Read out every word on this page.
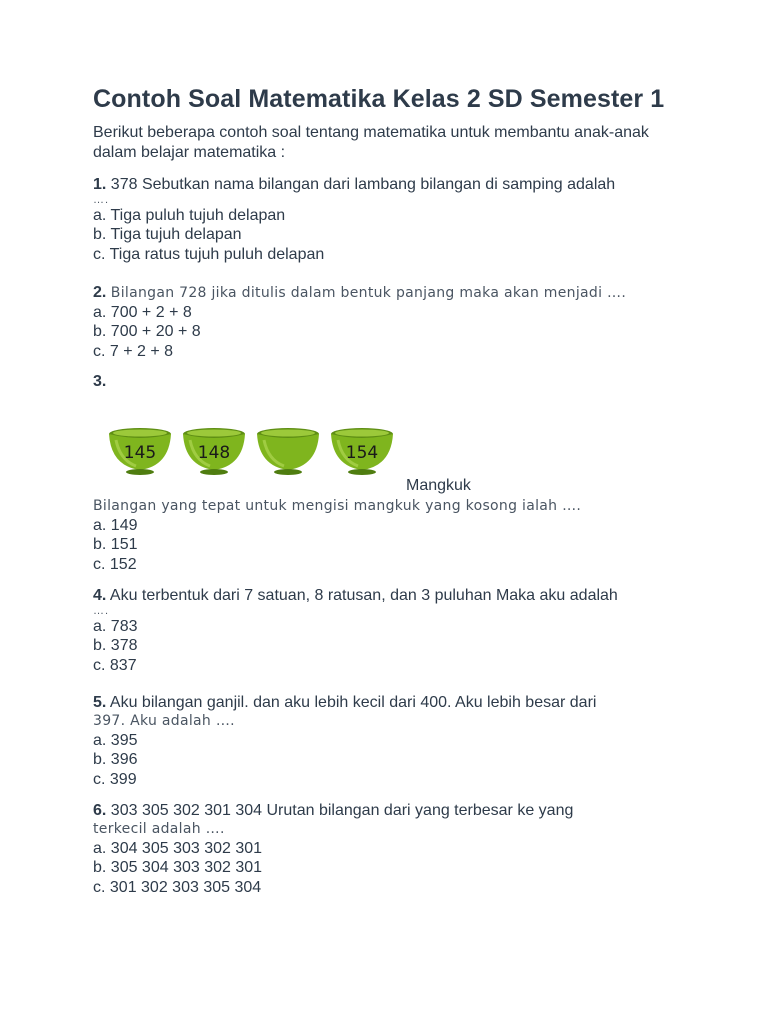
Contoh Soal Matematika Kelas 2 SD Semester 1
Berikut beberapa contoh soal tentang matematika untuk membantu anak-anak dalam belajar matematika :
1. 378 Sebutkan nama bilangan dari lambang bilangan di samping adalah
….
a. Tiga puluh tujuh delapan
b. Tiga tujuh delapan
c. Tiga ratus tujuh puluh delapan
2. Bilangan 728 jika ditulis dalam bentuk panjang maka akan menjadi ….
a. 700 + 2 + 8
b. 700 + 20 + 8
c. 7 + 2 + 8
3.
145	148	154
Mangkuk
Bilangan yang tepat untuk mengisi mangkuk yang kosong ialah ….
a. 149
b. 151
c. 152
4. Aku terbentuk dari 7 satuan, 8 ratusan, dan 3 puluhan Maka aku adalah
….
a. 783
b. 378
c. 837
5. Aku bilangan ganjil. dan aku lebih kecil dari 400. Aku lebih besar dari
397. Aku adalah ….
a. 395
b. 396
c. 399
6. 303 305 302 301 304 Urutan bilangan dari yang terbesar ke yang
terkecil adalah ….
a. 304 305 303 302 301
b. 305 304 303 302 301
c. 301 302 303 305 304
